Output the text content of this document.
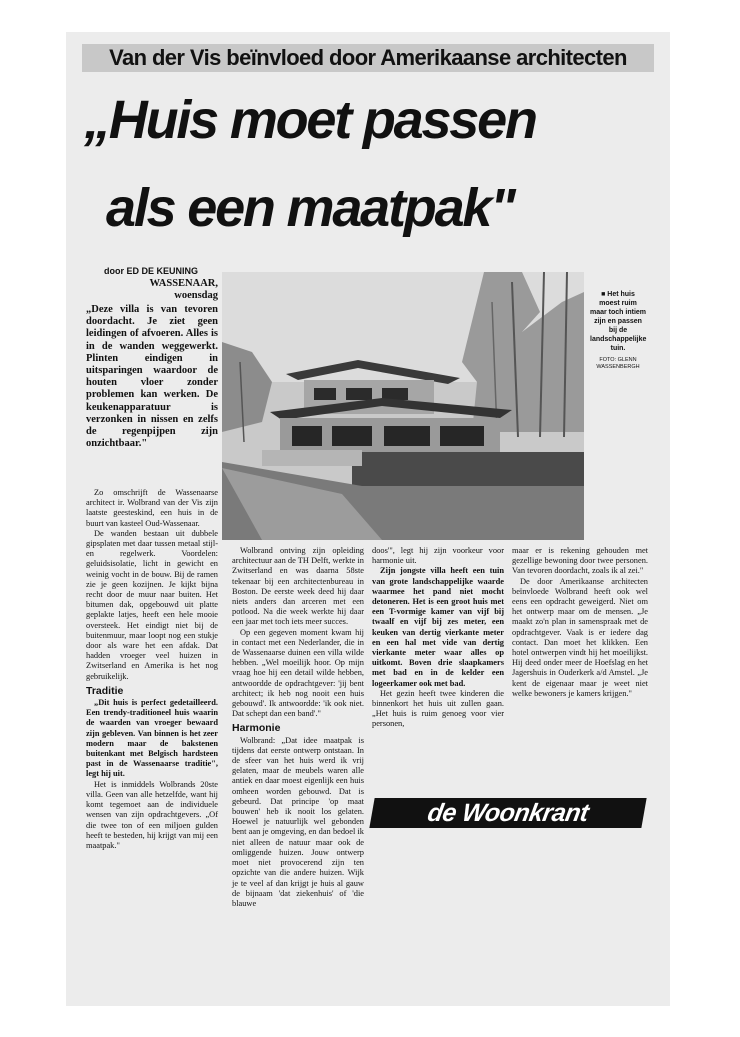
Van der Vis beïnvloed door Amerikaanse architecten
„Huis moet passen
als een maatpak"
door ED DE KEUNING
WASSENAAR,
woensdag
„Deze villa is van tevoren doordacht. Je ziet geen leidingen of afvoeren. Alles is in de wanden weggewerkt. Plinten eindigen in uitsparingen waardoor de houten vloer zonder problemen kan werken. De keukenapparatuur is verzonken in nissen en zelfs de regenpijpen zijn onzichtbaar."
■ Het huis moest ruim maar toch intiem zijn en passen bij de landschappelijke tuin.
FOTO: GLENN WASSENBERGH

Zo omschrijft de Wassenaarse architect ir. Wolbrand van der Vis zijn laatste geesteskind, een huis in de buurt van kasteel Oud-Wassenaar.

De wanden bestaan uit dubbele gipsplaten met daar tussen metaal stijl- en regelwerk. Voordelen: geluidsisolatie, licht in gewicht en weinig vocht in de bouw. Bij de ramen zie je geen kozijnen. Je kijkt bijna recht door de muur naar buiten. Het bitumen dak, opgebouwd uit platte geplakte latjes, heeft een hele mooie oversteek. Het eindigt niet bij de buitenmuur, maar loopt nog een stukje door als ware het een afdak. Dat hadden vroeger veel huizen in Zwitserland en Amerika is het nog gebruikelijk.

Traditie

„Dit huis is perfect gedetailleerd. Een trendy-traditioneel huis waarin de waarden van vroeger bewaard zijn gebleven. Van binnen is het zeer modern maar de bakstenen buitenkant met Belgisch hardsteen past in de Wassenaarse traditie", legt hij uit.

Het is inmiddels Wolbrands 20ste villa. Geen van alle hetzelfde, want hij komt tegemoet aan de individuele wensen van zijn opdrachtgevers. „Of die twee ton of een miljoen gulden heeft te besteden, hij krijgt van mij een maatpak."

Wolbrand ontving zijn opleiding architectuur aan de TH Delft, werkte in Zwitserland en was daarna 58ste tekenaar bij een architectenbureau in Boston. De eerste week deed hij daar niets anders dan arceren met een potlood. Na die week werkte hij daar een jaar met toch iets meer succes.

Op een gegeven moment kwam hij in contact met een Nederlander, die in de Wassenaarse duinen een villa wilde hebben. „Wel moeilijk hoor. Op mijn vraag hoe hij een detail wilde hebben, antwoordde de opdrachtgever: 'jij bent architect; ik heb nog nooit een huis gebouwd'. Ik antwoordde: 'ik ook niet. Dat schept dan een band'."

Harmonie

Wolbrand: „Dat idee maatpak is tijdens dat eerste ontwerp ontstaan. In de sfeer van het huis werd ik vrij gelaten, maar de meubels waren alle antiek en daar moest eigenlijk een huis omheen worden gebouwd. Dat is gebeurd. Dat principe 'op maat bouwen' heb ik nooit los gelaten. Hoewel je natuurlijk wel gebonden bent aan je omgeving, en dan bedoel ik niet alleen de natuur maar ook de omliggende huizen. Jouw ontwerp moet niet provocerend zijn ten opzichte van die andere huizen. Wijk je te veel af dan krijgt je huis al gauw de bijnaam 'dat ziekenhuis' of 'die blauwe

doos'", legt hij zijn voorkeur voor harmonie uit.

Zijn jongste villa heeft een tuin van grote landschappelijke waarde waarmee het pand niet mocht detoneren. Het is een groot huis met een T-vormige kamer van vijf bij twaalf en vijf bij zes meter, een keuken van dertig vierkante meter en een hal met vide van dertig vierkante meter waar alles op uitkomt. Boven drie slaapkamers met bad en in de kelder een logeerkamer ook met bad.

Het gezin heeft twee kinderen die binnenkort het huis uit zullen gaan. „Het huis is ruim genoeg voor vier personen,

maar er is rekening gehouden met gezellige bewoning door twee personen. Van tevoren doordacht, zoals ik al zei."

De door Amerikaanse architecten beïnvloede Wolbrand heeft ook wel eens een opdracht geweigerd. Niet om het ontwerp maar om de mensen. „Je maakt zo'n plan in samenspraak met de opdrachtgever. Vaak is er iedere dag contact. Dan moet het klikken. Een hotel ontwerpen vindt hij het moeilijkst. Hij deed onder meer de Hoefslag en het Jagershuis in Ouderkerk a/d Amstel. „Je kent de eigenaar maar je weet niet welke bewoners je kamers krijgen."

de Woonkrant
